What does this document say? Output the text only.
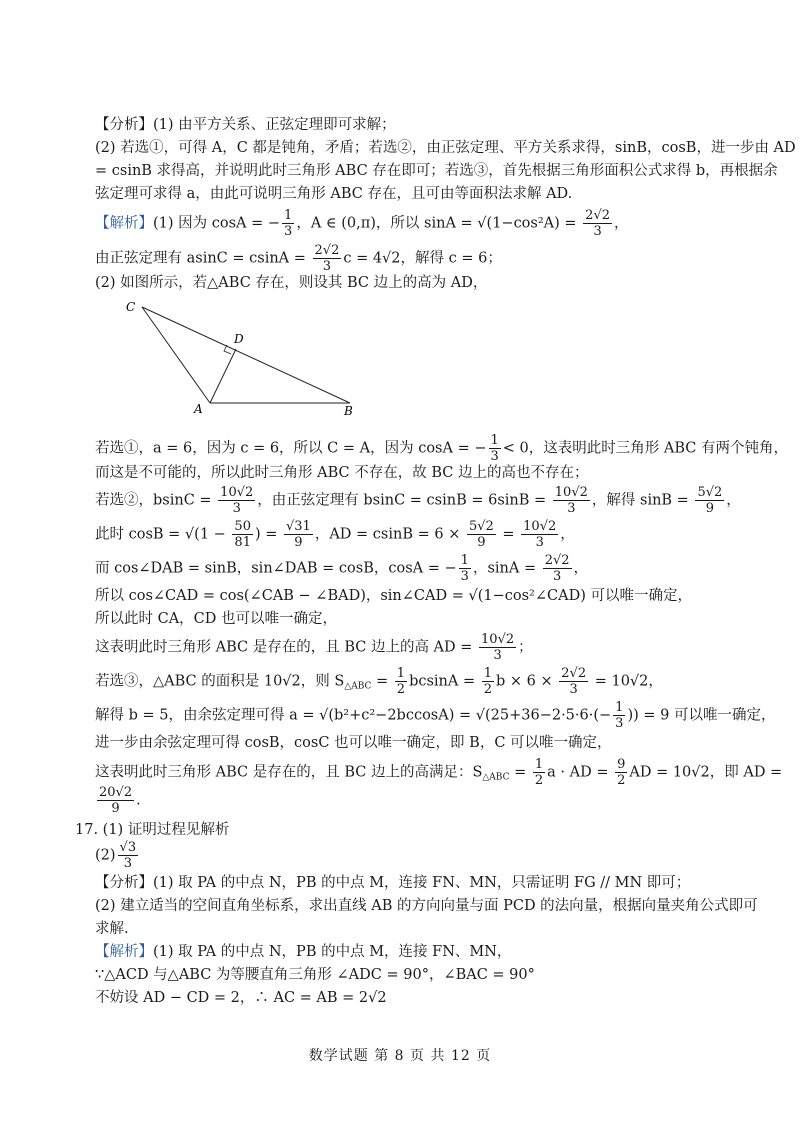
【分析】(1) 由平方关系、正弦定理即可求解；
(2) 若选①，可得 A，C 都是钝角，矛盾；若选②，由正弦定理、平方关系求得，sinB，cosB，进一步由 AD
= csinB 求得高，并说明此时三角形 ABC 存在即可；若选③，首先根据三角形面积公式求得 b，再根据余
弦定理可求得 a，由此可说明三角形 ABC 存在，且可由等面积法求解 AD.
【解析】(1) 因为 cosA = − $\frac{1}{3}$ ，A ∈ (0,π)，所以 $\sin A = √(1-\cos^2A) = \frac{2√2}{3}$ ，
由正弦定理有 $asinC = csinA = \frac{2√2}{3}$ c = 4√2，解得 c = 6；
(2) 如图所示，若△ABC 存在，则设其 BC 边上的高为 AD，
C
D
A	B
若选①，a = 6，因为 c = 6，所以 C = A，因为 cosA = − $\frac{1}{3} < 0$，这表明此时三角形 ABC 有两个钝角，
而这是不可能的，所以此时三角形 ABC 不存在，故 BC 边上的高也不存在；
若选②，$bsinC = \frac{10√2}{3}$ ，由正弦定理有 $bsinC = csinB = 6\sin B = \frac{10√2}{3}$ ，解得 $\sin B = \frac{5√2}{9}$ ，
此时 $\cos B = √(1 - \frac{50}{81}$ ) = $\frac{√31}{9}$ ，AD = $csinB = 6 \times \frac{5√2}{9} = \frac{10√2}{3}$ ，
而 cos∠DAB = sinB，sin∠DAB = cosB，cosA = − $\frac{1}{3}$ ，$\sin A = \frac{2√2}{3}$ ，
所以 cos∠CAD = cos(∠CAB − ∠BAD)，sin∠CAD = √(1−cos²∠CAD) 可以唯一确定，
所以此时 CA，CD 也可以唯一确定，
这表明此时三角形 ABC 是存在的，且 BC 边上的高 AD = $\frac{10√2}{3}$ ；
若选③，△ABC 的面积是 10√2，则 $S_{\triangle ABC} = \frac{1}{2}$ $bcsinA = \frac{1}{2}$ $b \times 6 \times \frac{2√2}{3} = 10√2$，
解得 b = 5，由余弦定理可得 $a = √(b^2+c^2-2bccosA) = √(25+36-2\cdot 5\cdot 6\cdot(- \frac{1}{3}$ )) = 9 可以唯一确定，
进一步由余弦定理可得 cosB，cosC 也可以唯一确定，即 B，C 可以唯一确定，
这表明此时三角形 ABC 是存在的，且 BC 边上的高满足：$S_{\triangle ABC} = \frac{1}{2}$ a · AD = $\frac{9}{2}$ AD = 10√2，即 AD =
$\frac{20√2}{9}$ .
17. (1) 证明过程见解析
$(2) \frac{√3}{3}$
【分析】(1) 取 PA 的中点 N，PB 的中点 M，连接 FN、MN，只需证明 FG // MN 即可；
(2) 建立适当的空间直角坐标系，求出直线 AB 的方向向量与面 PCD 的法向量，根据向量夹角公式即可
求解.
【解析】(1) 取 PA 的中点 N，PB 的中点 M，连接 FN、MN，
∵△ACD 与△ABC 为等腰直角三角形 ∠ADC = 90°，∠BAC = 90°
不妨设 AD − CD = 2，∴ AC = AB = 2√2
数学试题 第 8 页 共 12 页
